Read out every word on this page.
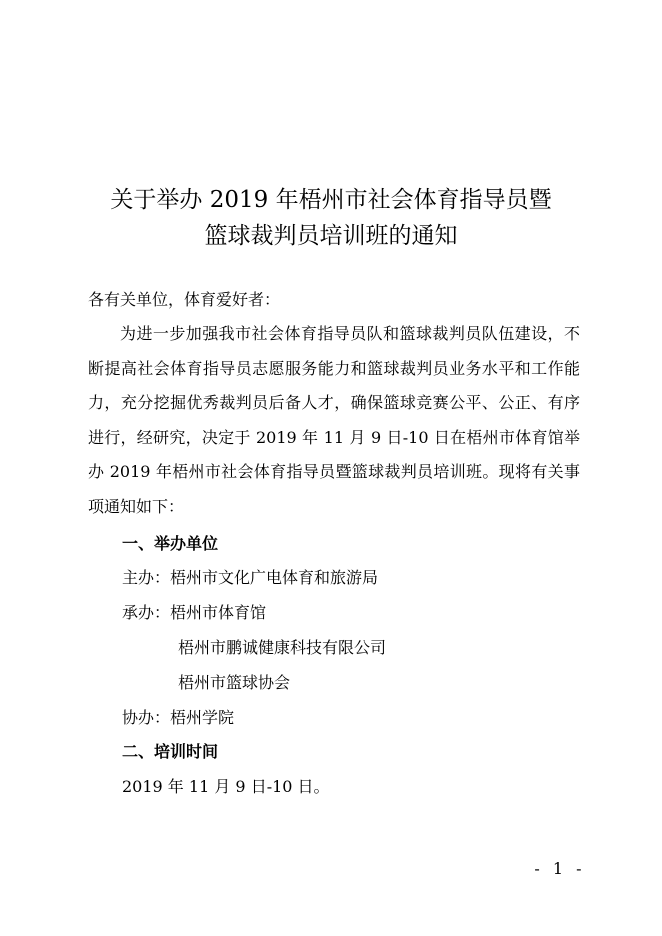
关于举办 2019 年梧州市社会体育指导员暨
篮球裁判员培训班的通知

各有关单位，体育爱好者：

为进一步加强我市社会体育指导员队和篮球裁判员队伍建设，不断提高社会体育指导员志愿服务能力和篮球裁判员业务水平和工作能力，充分挖掘优秀裁判员后备人才，确保篮球竞赛公平、公正、有序进行，经研究，决定于 2019 年 11 月 9 日-10 日在梧州市体育馆举办 2019 年梧州市社会体育指导员暨篮球裁判员培训班。现将有关事项通知如下：

一、举办单位

主办：梧州市文化广电体育和旅游局

承办：梧州市体育馆

梧州市鹏诚健康科技有限公司

梧州市篮球协会

协办：梧州学院

二、培训时间

2019 年 11 月 9 日-10 日。

- 1 -
